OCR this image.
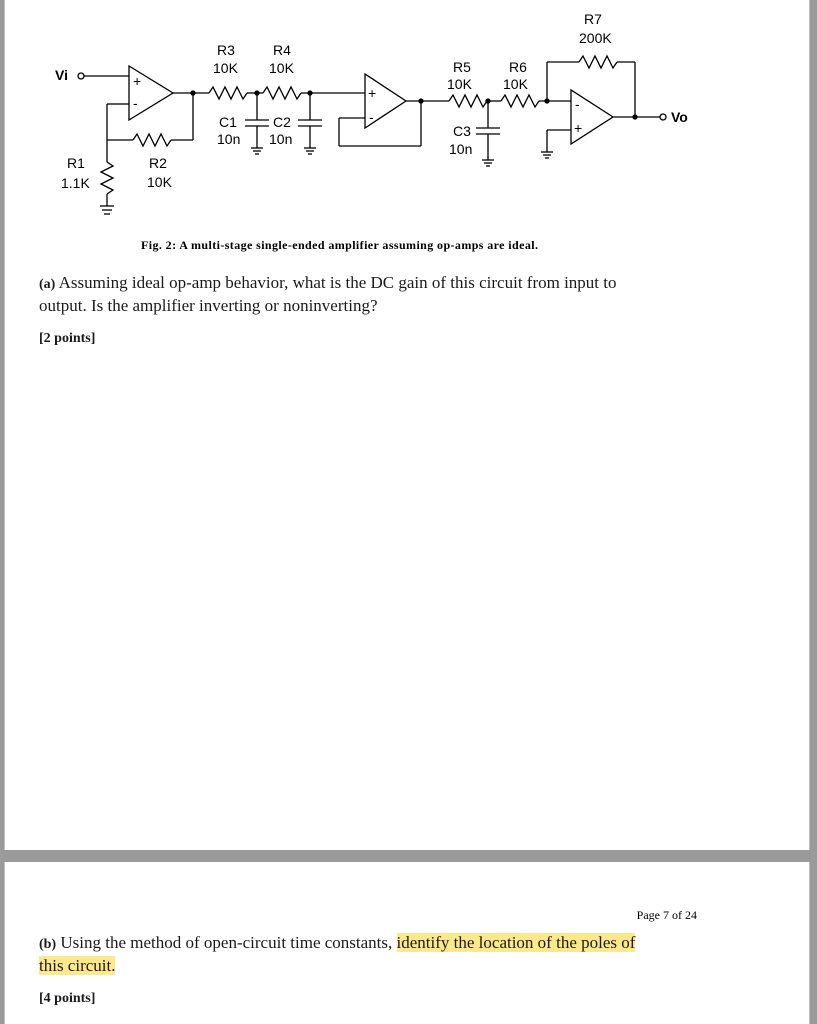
Vi
Vo
+
-
+
-
-
+
R1
1.1K
R2
10K
R3
10K
R4
10K	R5
10K
R6
10K
R7
200K
C1
10n
C2
10n	C3
10n
Fig. 2: A multi-stage single-ended amplifier assuming op-amps are ideal.
(a) Assuming ideal op-amp behavior, what is the DC gain of this circuit from input to
output. Is the amplifier inverting or noninverting?
[2 points]
Page 7 of 24
(b) Using the method of open-circuit time constants, identify the location of the poles of
this circuit.
[4 points]
